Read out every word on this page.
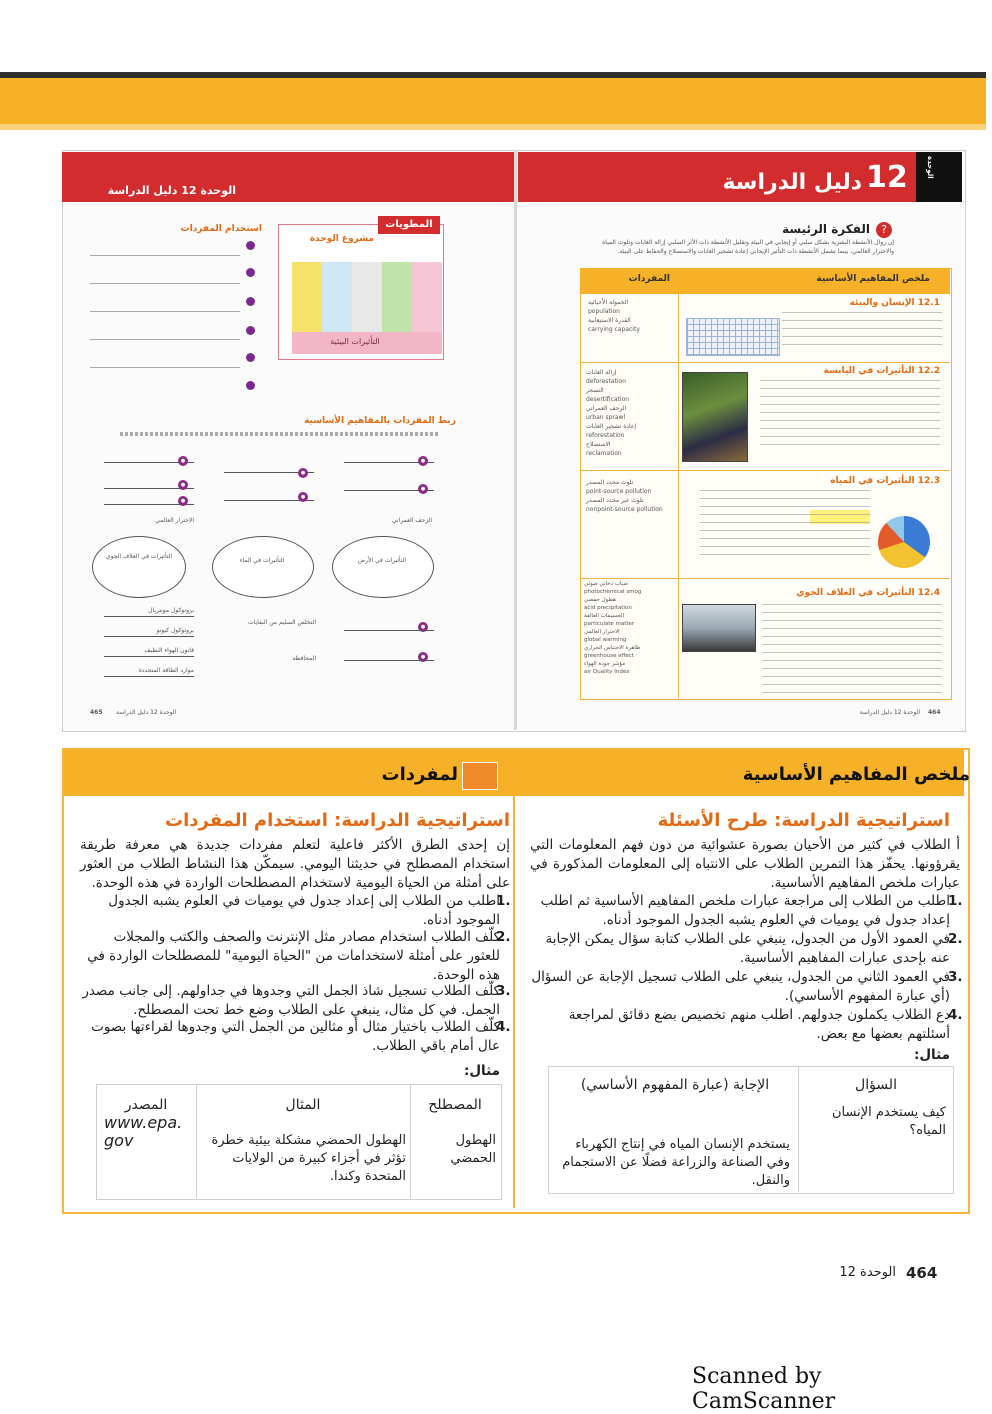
الوحدة
12
دليل الدراسة
?
الفكرة الرئيسة
إن زوال الأنشطة البشرية بشكل سلبي أو إيجابي في البيئة وتقليل الأنشطة ذات الأثر السلبي إزالة الغابات وتلوث المياه والاحترار العالمي، بينما تشمل الأنشطة ذات التأثير الإيجابي إعادة تشجير الغابات والاستصلاح والحفاظ على البيئة.
ملخص المفاهيم الأساسية
المفردات
12.1 الإنسان والبيئة
الحمولة الأحيائية
population
القدرة الاستيعابية
carrying capacity
12.2 التأثيرات في اليابسة
إزالة الغابات
deforestation
التصحر
desertification
الزحف العمراني
urban sprawl
إعادة تشجير الغابات
reforestation
الاستصلاح
reclamation
12.3 التأثيرات في المياه
تلوث محدد المصدر
point-source pollution
تلوث غير محدد المصدر
nonpoint-source pollution
12.4 التأثيرات في الغلاف الجوي
ضباب دخاني ضوئي
photochemical smog
هطول حمضي
acid precipitation
الجسيمات العالقة
particulate matter
الاحترار العالمي
global warming
ظاهرة الاحتباس الحراري
greenhouse effect
مؤشر جودة الهواء
air Quality Index
الوحدة 12 دليل الدراسة 464
الوحدة 12 دليل الدراسة
المطويات
مشروع الوحدة
التأثيرات البيئية
استخدام المفردات
ربط المفردات بالمفاهيم الأساسية
●
●
●
●
●
●
●
●
●
الاحترار العالمي	الزحف العمراني
التأثيرات في الغلاف الجوي
التأثيرات في الماء	التأثيرات في الأرض
بروتوكول مونتريال
بروتوكول كيوتو
قانون الهواء النظيف
موارد الطاقة المتجددة
التخلص السليم من النفايات
المحافظة
465 الوحدة 12 دليل الدراسة
ملخص المفاهيم الأساسية
لمفردات
استراتيجية الدراسة: طرح الأسئلة
أ الطلاب في كثير من الأحيان بصورة عشوائية من دون فهم المعلومات التي يقرؤونها. يحفّز هذا التمرين الطلاب على الانتباه إلى المعلومات المذكورة في عبارات ملخص المفاهيم الأساسية.
اطلب من الطلاب إلى مراجعة عبارات ملخص المفاهيم الأساسية ثم اطلب إعداد جدول في يوميات في العلوم يشبه الجدول الموجود أدناه.
1.
في العمود الأول من الجدول، ينبغي على الطلاب كتابة سؤال يمكن الإجابة عنه بإحدى عبارات المفاهيم الأساسية.
2.
في العمود الثاني من الجدول، ينبغي على الطلاب تسجيل الإجابة عن السؤال (أي عبارة المفهوم الأساسي).
3.
دع الطلاب يكملون جدولهم. اطلب منهم تخصيص بضع دقائق لمراجعة أسئلتهم بعضها مع بعض.
4.
مثال:
السؤال
الإجابة (عبارة المفهوم الأساسي)
كيف يستخدم الإنسان المياه؟
يستخدم الإنسان المياه في إنتاج الكهرباء وفي الصناعة والزراعة فضلًا عن الاستجمام والنقل.
استراتيجية الدراسة: استخدام المفردات
إن إحدى الطرق الأكثر فاعلية لتعلم مفردات جديدة هي معرفة طريقة استخدام المصطلح في حديثنا اليومي. سيمكّن هذا النشاط الطلاب من العثور على أمثلة من الحياة اليومية لاستخدام المصطلحات الواردة في هذه الوحدة.
اطلب من الطلاب إلى إعداد جدول في يوميات في العلوم يشبه الجدول الموجود أدناه.
1.
كلّف الطلاب استخدام مصادر مثل الإنترنت والصحف والكتب والمجلات للعثور على أمثلة لاستخدامات من "الحياة اليومية" للمصطلحات الواردة في هذه الوحدة.
2.
كلّف الطلاب تسجيل شاذ الجمل التي وجدوها في جداولهم. إلى جانب مصدر الجمل. في كل مثال، ينبغي على الطلاب وضع خط تحت المصطلح.
3.
كلّف الطلاب باختيار مثال أو مثالين من الجمل التي وجدوها لقراءتها بصوت عال أمام باقي الطلاب.
4.
مثال:
المصطلح
المثال
المصدر
الهطول الحمضي
الهطول الحمضي مشكلة بيئية خطرة تؤثر في أجزاء كبيرة من الولايات المتحدة وكندا.
www.epa.gov
464
الوحدة 12
Scanned by CamScanner
